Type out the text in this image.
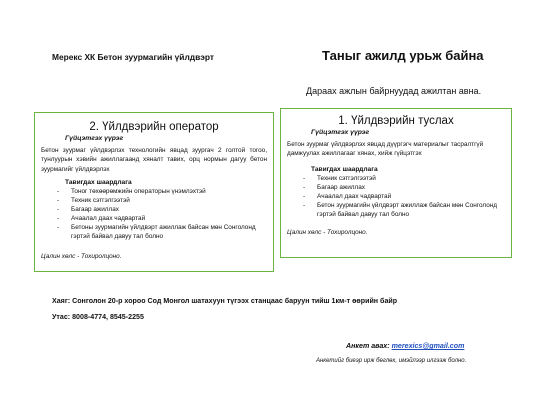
Мерекс ХК Бетон зуурмагийн үйлдвэрт	Таныг ажилд урьж байна
Дараах ажлын байрнуудад ажилтан авна.
2. Үйлдвэрийн оператор
Гүйцэтгэх үүрэг
Бетон зуурмаг үйлдвэрлэх технологийн явцад зуургач 2 голтой тогоо, тунлуурын хэвийн ажиллагаанд хяналт тавих, орц нормын дагуу бетон зуурмагийг үйлдвэрлэх
Тавигдах шаардлага
- Тоног төхөөрөмжийн операторын үнэмлэхтэй
- Техник сэтгэлгээтэй
- Багаар ажиллах
- Ачаалал даах чадвартай
- Бетоны зуурмагийн үйлдвэрт ажиллаж байсан мөн Сонголонд гэртэй байвал давуу тал болно
Цалин хөлс - Тохиролцоно.
1. Үйлдвэрийн туслах
Гүйцэтгэх үүрэг
Бетон зуурмаг үйлдвэрлэх явцад дүүргэгч материалыг тасралтгүй дамжуулах ажиллагааг хянах, хийж гүйцэтгэх
Тавигдах шаардлага
- Техник сэтгэлгээтэй
- Багаар ажиллах
- Ачаалал даах чадвартай
- Бетон зуурмагийн үйлдвэрт ажиллаж байсан мөн Сонголонд гэртэй байвал давуу тал болно
Цалин хөлс - Тохиролцоно.
Хаяг: Сонголон 20-р хороо Сод Монгол шатахуун түгээх станцаас баруун тийш 1км-т өөрийн байр
Утас: 8008-4774, 8545-2255
Анкет авах: merexics@gmail.com
Анкетийг биеэр ирж бөглөх, имэйлээр илгээж болно.
